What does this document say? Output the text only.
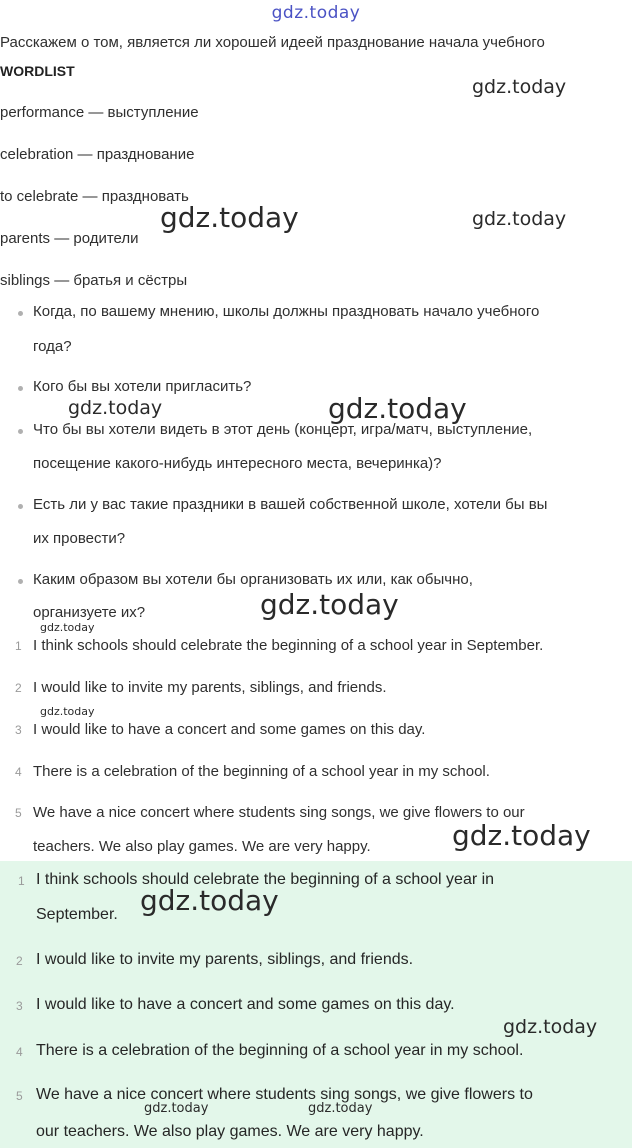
gdz.today
Расскажем о том, является ли хорошей идеей празднование начала учебного
WORDLIST
performance — выступление
celebration — празднование
to celebrate — праздновать
parents — родители
siblings — братья и сёстры
Когда, по вашему мнению, школы должны праздновать начало учебного
года?
Кого бы вы хотели пригласить?
Что бы вы хотели видеть в этот день (концерт, игра/матч, выступление,
посещение какого-нибудь интересного места, вечеринка)?
Есть ли у вас такие праздники в вашей собственной школе, хотели бы вы
их провести?
Каким образом вы хотели бы организовать их или, как обычно,
организуете их?
1 I think schools should celebrate the beginning of a school year in September.
2 I would like to invite my parents, siblings, and friends.
3 I would like to have a concert and some games on this day.
4 There is a celebration of the beginning of a school year in my school.
5 We have a nice concert where students sing songs, we give flowers to our
teachers. We also play games. We are very happy.
1 I think schools should celebrate the beginning of a school year in
September.
2 I would like to invite my parents, siblings, and friends.
3 I would like to have a concert and some games on this day.
4 There is a celebration of the beginning of a school year in my school.
5 We have a nice concert where students sing songs, we give flowers to
our teachers. We also play games. We are very happy.
gdz.today
gdz.today	gdz.today
gdz.today	gdz.today
gdz.today
gdz.today
gdz.today
gdz.today
gdz.today
gdz.today
gdz.today	gdz.today
